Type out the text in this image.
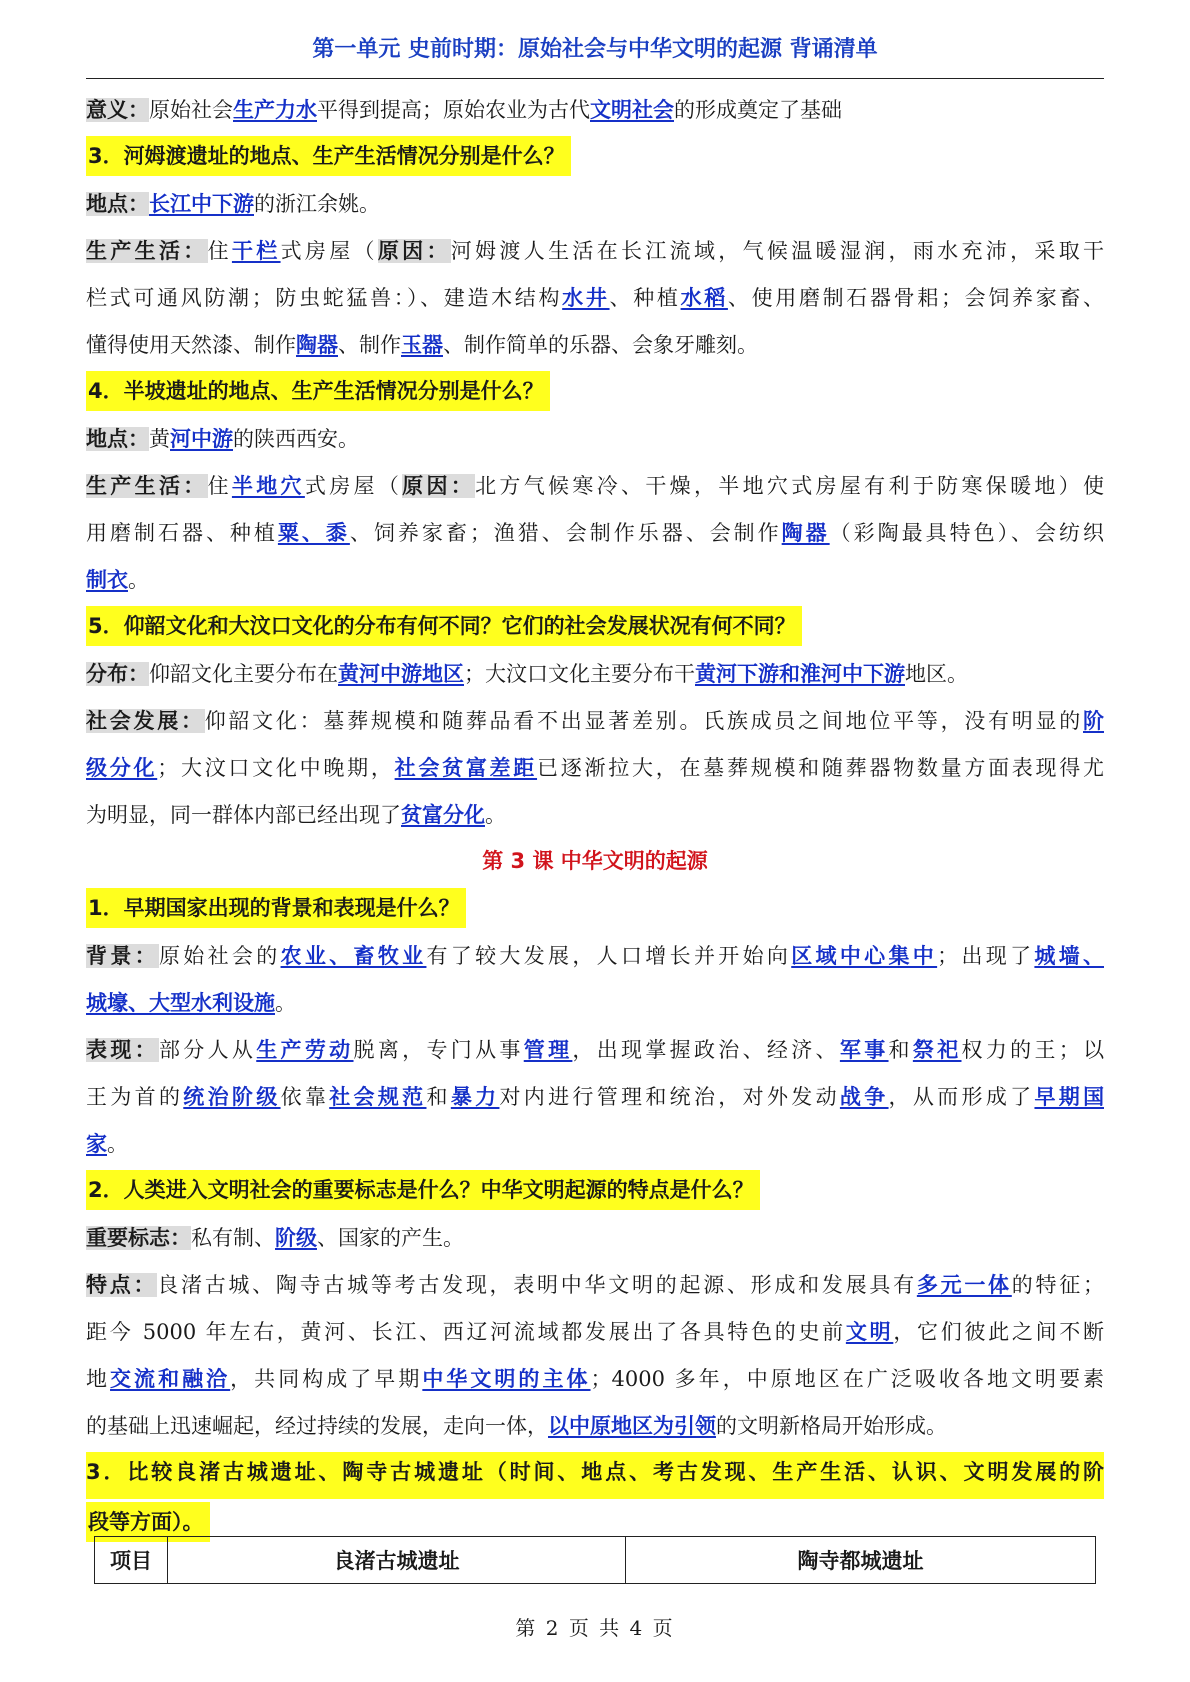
第一单元 史前时期：原始社会与中华文明的起源 背诵清单
意义：原始社会生产力水平得到提高；原始农业为古代文明社会的形成奠定了基础
3．河姆渡遗址的地点、生产生活情况分别是什么？
地点：长江中下游的浙江余姚。
生产生活：住干栏式房屋（原因：河姆渡人生活在长江流域，气候温暖湿润，雨水充沛，采取干
栏式可通风防潮；防虫蛇猛兽：）、建造木结构水井、种植水稻、使用磨制石器骨耜；会饲养家畜、
懂得使用天然漆、制作陶器、制作玉器、制作简单的乐器、会象牙雕刻。
4．半坡遗址的地点、生产生活情况分别是什么？
地点：黄河中游的陕西西安。
生产生活：住半地穴式房屋（原因：北方气候寒冷、干燥，半地穴式房屋有利于防寒保暖地）使
用磨制石器、种植粟、黍、饲养家畜；渔猎、会制作乐器、会制作陶器（彩陶最具特色）、会纺织
制衣。
5．仰韶文化和大汶口文化的分布有何不同？它们的社会发展状况有何不同？
分布：仰韶文化主要分布在黄河中游地区；大汶口文化主要分布干黄河下游和淮河中下游地区。
社会发展：仰韶文化：墓葬规模和随葬品看不出显著差别。氏族成员之间地位平等，没有明显的阶
级分化；大汶口文化中晚期，社会贫富差距已逐渐拉大，在墓葬规模和随葬器物数量方面表现得尤
为明显，同一群体内部已经出现了贫富分化。
第 3 课 中华文明的起源
1．早期国家出现的背景和表现是什么？
背景：原始社会的农业、畜牧业有了较大发展，人口增长并开始向区域中心集中；出现了城墙、
城壕、大型水利设施。
表现：部分人从生产劳动脱离，专门从事管理，出现掌握政治、经济、军事和祭祀权力的王；以
王为首的统治阶级依靠社会规范和暴力对内进行管理和统治，对外发动战争，从而形成了早期国
家。
2．人类进入文明社会的重要标志是什么？中华文明起源的特点是什么？
重要标志：私有制、阶级、国家的产生。
特点：良渚古城、陶寺古城等考古发现，表明中华文明的起源、形成和发展具有多元一体的特征；
距今 5000 年左右，黄河、长江、西辽河流域都发展出了各具特色的史前文明，它们彼此之间不断
地交流和融洽，共同构成了早期中华文明的主体；4000 多年，中原地区在广泛吸收各地文明要素
的基础上迅速崛起，经过持续的发展，走向一体，以中原地区为引领的文明新格局开始形成。
3．比较良渚古城遗址、陶寺古城遗址（时间、地点、考古发现、生产生活、认识、文明发展的阶
段等方面）。
项目	良渚古城遗址	陶寺都城遗址
第 2 页 共 4 页
